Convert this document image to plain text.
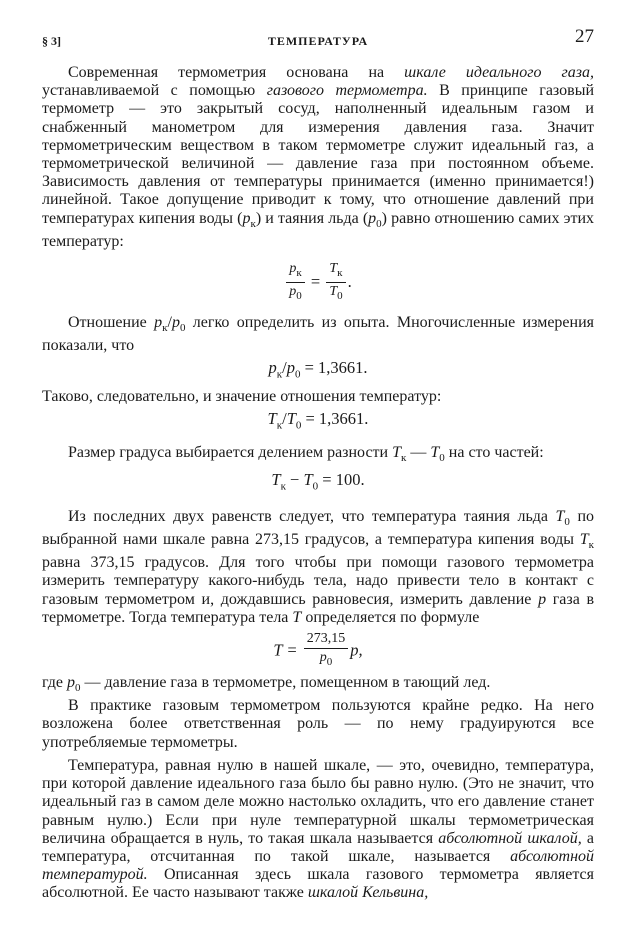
§ 3]	ТЕМПЕРАТУРА	27

Современная термометрия основана на шкале идеального газа, устанавливаемой с помощью газового термометра. В принципе газовый термометр — это закрытый сосуд, наполненный идеальным газом и снабженный манометром для измерения давления газа. Значит термометрическим веществом в таком термометре служит идеальный газ, а термометрической величиной — давление газа при постоянном объеме. Зависимость давления от температуры принимается (именно принимается!) линейной. Такое допущение приводит к тому, что отношение давлений при температурах кипения воды $(p_к)$ и таяния льда $(p_0)$ равно отношению самих этих температур:

$\frac{p_к}{p_0} = \frac{T_к}{T_0}$ .

Отношение $p_к/p_0$ легко определить из опыта. Многочисленные измерения показали, что

$p_к/p_0 = 1,3661$.

Таково, следовательно, и значение отношения температур:

$T_к/T_0 = 1,3661$.

Размер градуса выбирается делением разности $T_к$ — $T_0$ на сто частей:

$T_к - T_0 = 100$.

Из последних двух равенств следует, что температура таяния льда $T_0$ по выбранной нами шкале равна 273,15 градусов, а температура кипения воды $T_к$ равна 373,15 градусов. Для того чтобы при помощи газового термометра измерить температуру какого-нибудь тела, надо привести тело в контакт с газовым термометром и, дождавшись равновесия, измерить давление p газа в термометре. Тогда температура тела T определяется по формуле

$T = \frac{273,15}{p_0} p$,

где $p_0$ — давление газа в термометре, помещенном в тающий лед.

В практике газовым термометром пользуются крайне редко. На него возложена более ответственная роль — по нему градуируются все употребляемые термометры.

Температура, равная нулю в нашей шкале, — это, очевидно, температура, при которой давление идеального газа было бы равно нулю. (Это не значит, что идеальный газ в самом деле можно настолько охладить, что его давление станет равным нулю.) Если при нуле температурной шкалы термометрическая величина обращается в нуль, то такая шкала называется абсолютной шкалой, а температура, отсчитанная по такой шкале, называется абсолютной температурой. Описанная здесь шкала газового термометра является абсолютной. Ее часто называют также шкалой Кельвина,
